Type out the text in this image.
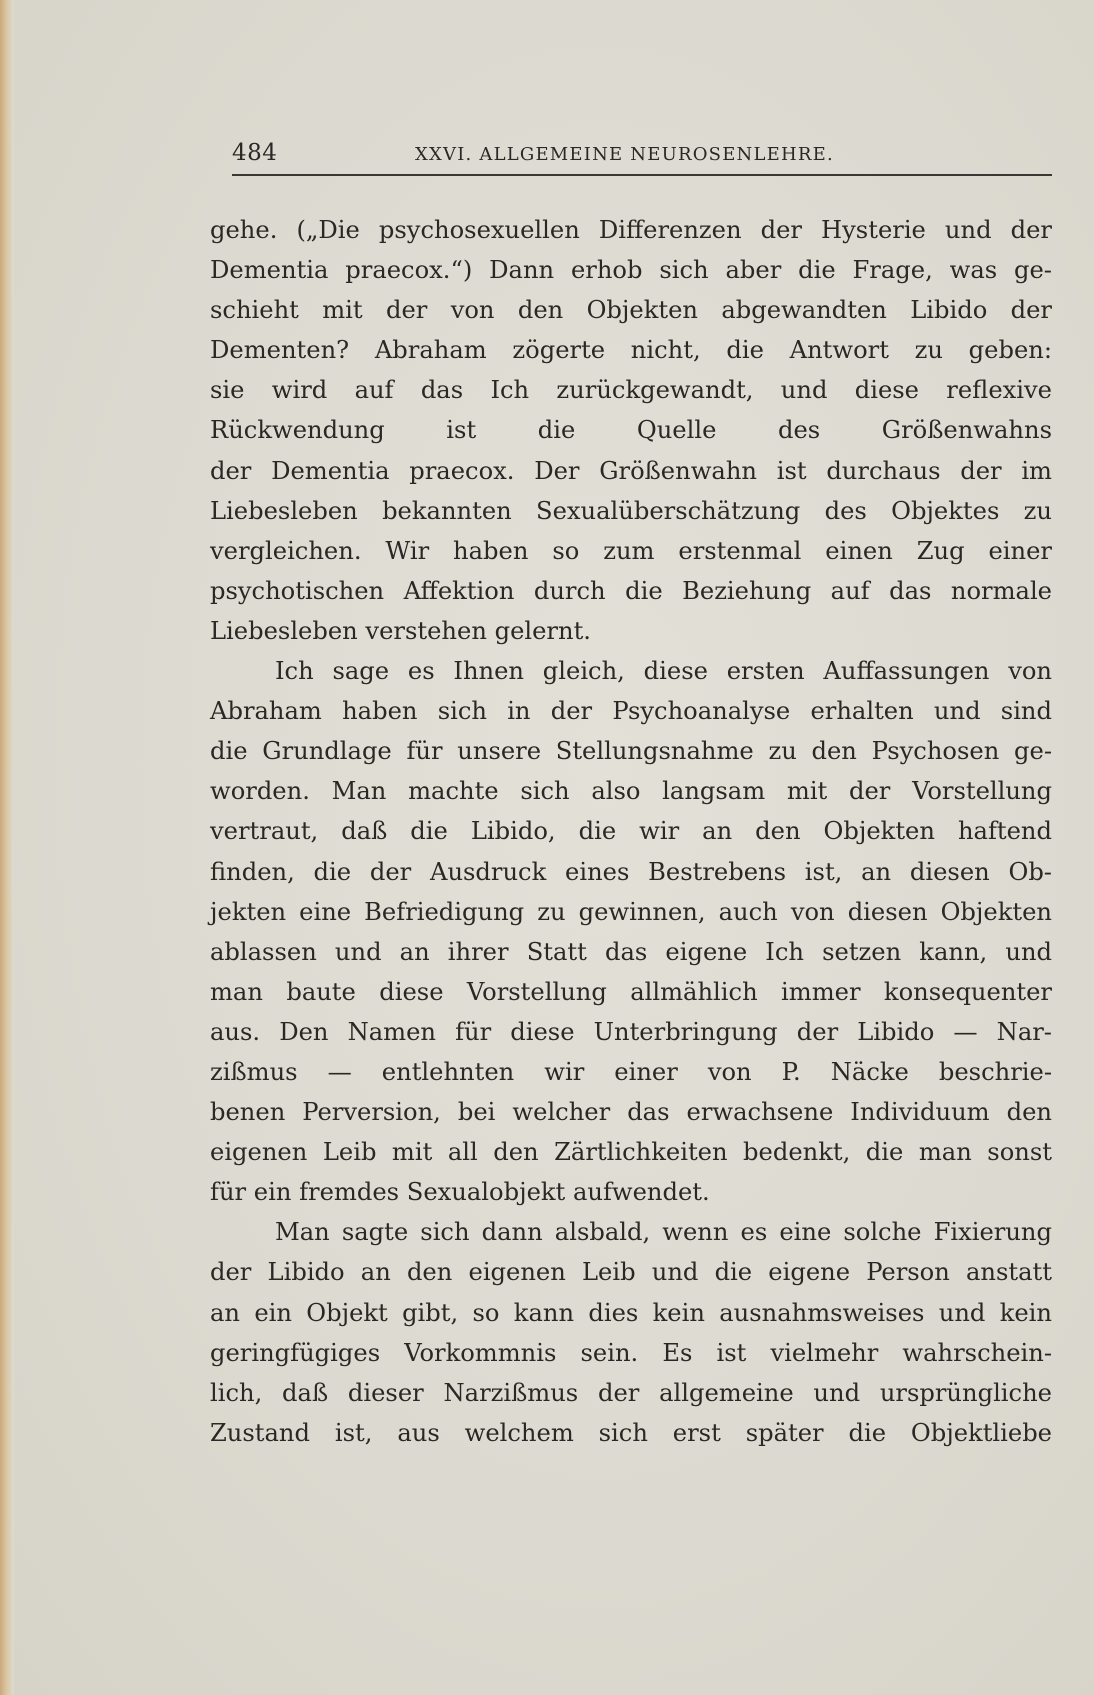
484	XXVI. ALLGEMEINE NEUROSENLEHRE.
gehe. („Die psychosexuellen Differenzen der Hysterie und der
Dementia praecox.“) Dann erhob sich aber die Frage, was ge-
schieht mit der von den Objekten abgewandten Libido der
Dementen? Abraham zögerte nicht, die Antwort zu geben:
sie wird auf das Ich zurückgewandt, und diese reflexive
Rückwendung ist die Quelle des Größenwahns
der Dementia praecox. Der Größenwahn ist durchaus der im
Liebesleben bekannten Sexualüberschätzung des Objektes zu
vergleichen. Wir haben so zum erstenmal einen Zug einer
psychotischen Affektion durch die Beziehung auf das normale
Liebesleben verstehen gelernt.
Ich sage es Ihnen gleich, diese ersten Auffassungen von
Abraham haben sich in der Psychoanalyse erhalten und sind
die Grundlage für unsere Stellungsnahme zu den Psychosen ge-
worden. Man machte sich also langsam mit der Vorstellung
vertraut, daß die Libido, die wir an den Objekten haftend
finden, die der Ausdruck eines Bestrebens ist, an diesen Ob-
jekten eine Befriedigung zu gewinnen, auch von diesen Objekten
ablassen und an ihrer Statt das eigene Ich setzen kann, und
man baute diese Vorstellung allmählich immer konsequenter
aus. Den Namen für diese Unterbringung der Libido — Nar-
zißmus — entlehnten wir einer von P. Näcke beschrie-
benen Perversion, bei welcher das erwachsene Individuum den
eigenen Leib mit all den Zärtlichkeiten bedenkt, die man sonst
für ein fremdes Sexualobjekt aufwendet.
Man sagte sich dann alsbald, wenn es eine solche Fixierung
der Libido an den eigenen Leib und die eigene Person anstatt
an ein Objekt gibt, so kann dies kein ausnahmsweises und kein
geringfügiges Vorkommnis sein. Es ist vielmehr wahrschein-
lich, daß dieser Narzißmus der allgemeine und ursprüngliche
Zustand ist, aus welchem sich erst später die Objektliebe
